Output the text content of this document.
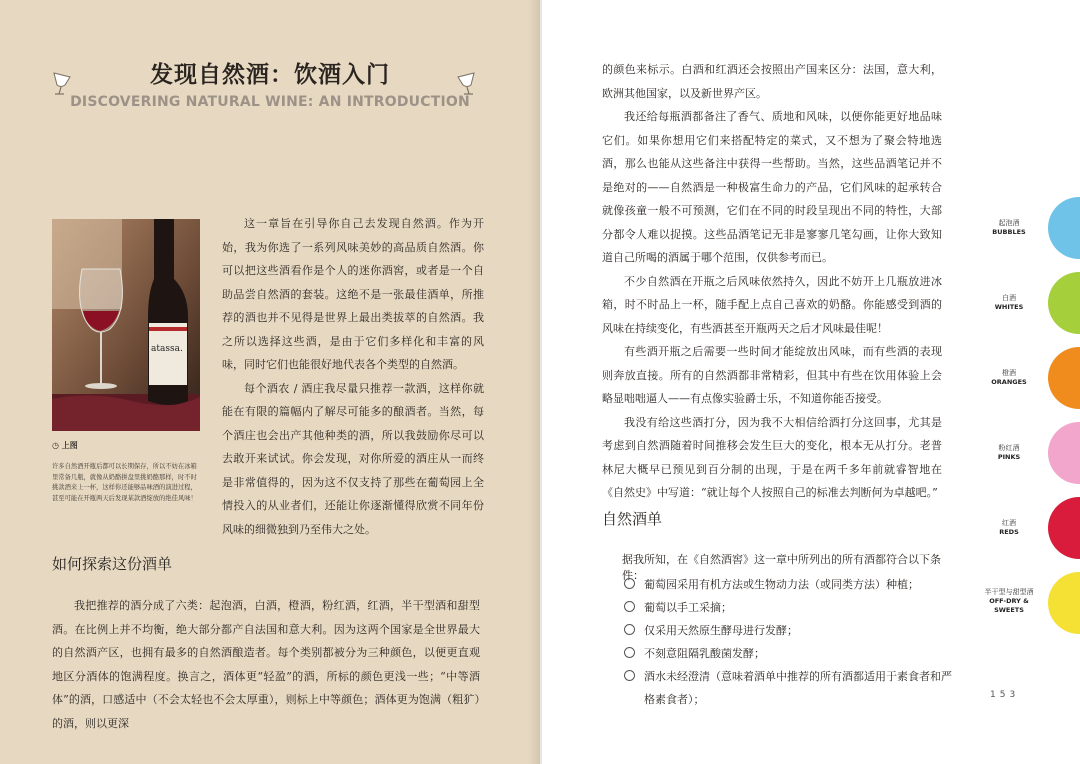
发现自然酒：饮酒入门
DISCOVERING NATURAL WINE: AN INTRODUCTION
atassa.
◷ 上图
许多自然酒开瓶后都可以长期保存，所以不妨在冰箱里常备几瓶，就像从奶酪拼盘里挑奶酪那样，时不时挑款酒来上一杯，这样你还能够品味酒的演进过程，甚至可能在开瓶两天后发现某款酒绽放的绝佳风味！

这一章旨在引导你自己去发现自然酒。作为开始，我为你选了一系列风味美妙的高品质自然酒。你可以把这些酒看作是个人的迷你酒窖，或者是一个自助品尝自然酒的套装。这绝不是一张最佳酒单，所推荐的酒也并不见得是世界上最出类拔萃的自然酒。我之所以选择这些酒，是由于它们多样化和丰富的风味，同时它们也能很好地代表各个类型的自然酒。

每个酒农 / 酒庄我尽量只推荐一款酒，这样你就能在有限的篇幅内了解尽可能多的酿酒者。当然，每个酒庄也会出产其他种类的酒，所以我鼓励你尽可以去敢开来试试。你会发现，对你所爱的酒庄从一而终是非常值得的，因为这不仅支持了那些在葡萄园上全情投入的从业者们，还能让你逐渐懂得欣赏不同年份风味的细微独到乃至伟大之处。

如何探索这份酒单

我把推荐的酒分成了六类：起泡酒，白酒，橙酒，粉红酒，红酒，半干型酒和甜型酒。在比例上并不均衡，绝大部分都产自法国和意大利。因为这两个国家是全世界最大的自然酒产区，也拥有最多的自然酒酿造者。每个类别都被分为三种颜色，以便更直观地区分酒体的饱满程度。换言之，酒体更“轻盈”的酒，所标的颜色更浅一些；“中等酒体”的酒，口感适中（不会太轻也不会太厚重），则标上中等颜色；酒体更为饱满（粗犷）的酒，则以更深

的颜色来标示。白酒和红酒还会按照出产国来区分：法国，意大利，欧洲其他国家，以及新世界产区。

我还给每瓶酒都备注了香气、质地和风味，以便你能更好地品味它们。如果你想用它们来搭配特定的菜式，又不想为了聚会特地选酒，那么也能从这些备注中获得一些帮助。当然，这些品酒笔记并不是绝对的——自然酒是一种极富生命力的产品，它们风味的起承转合就像孩童一般不可预测，它们在不同的时段呈现出不同的特性，大部分都令人难以捉摸。这些品酒笔记无非是寥寥几笔勾画，让你大致知道自己所喝的酒属于哪个范围，仅供参考而已。

不少自然酒在开瓶之后风味依然持久，因此不妨开上几瓶放进冰箱，时不时品上一杯，随手配上点自己喜欢的奶酪。你能感受到酒的风味在持续变化，有些酒甚至开瓶两天之后才风味最佳呢！

有些酒开瓶之后需要一些时间才能绽放出风味，而有些酒的表现则奔放直接。所有的自然酒都非常精彩，但其中有些在饮用体验上会略显咄咄逼人——有点像实验爵士乐，不知道你能否接受。

我没有给这些酒打分，因为我不大相信给酒打分这回事，尤其是考虑到自然酒随着时间推移会发生巨大的变化，根本无从打分。老普林尼大概早已预见到百分制的出现，于是在两千多年前就睿智地在《自然史》中写道：“就让每个人按照自己的标准去判断何为卓越吧。”

自然酒单
据我所知，在《自然酒窖》这一章中所列出的所有酒都符合以下条件：
葡萄园采用有机方法或生物动力法（或同类方法）种植；
葡萄以手工采摘；
仅采用天然原生酵母进行发酵；
不刻意阻隔乳酸菌发酵；
酒水未经澄清（意味着酒单中推荐的所有酒都适用于素食者和严格素食者）；
起泡酒
BUBBLES
白酒
WHITES
橙酒
ORANGES
粉红酒
PINKS
红酒
REDS
半干型与甜型酒
OFF-DRY & SWEETS
153
